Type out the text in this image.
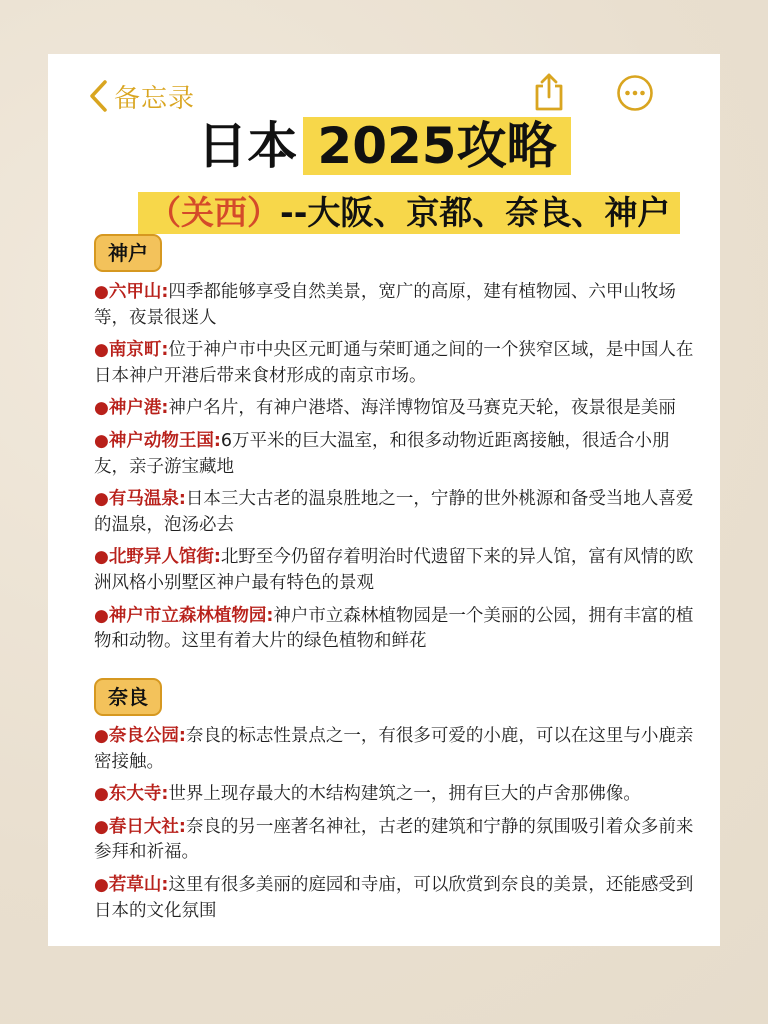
备忘录
日本 2025攻略
（关西）--大阪、京都、奈良、神户
神户
●六甲山:四季都能够享受自然美景，宽广的高原，建有植物园、六甲山牧场等，夜景很迷人
●南京町:位于神户市中央区元町通与荣町通之间的一个狭窄区域，是中国人在日本神户开港后带来食材形成的南京市场。
●神户港:神户名片，有神户港塔、海洋博物馆及马赛克天轮，夜景很是美丽
●神户动物王国:6万平米的巨大温室，和很多动物近距离接触，很适合小朋友，亲子游宝藏地
●有马温泉:日本三大古老的温泉胜地之一，宁静的世外桃源和备受当地人喜爱的温泉，泡汤必去
●北野异人馆街:北野至今仍留存着明治时代遗留下来的异人馆，富有风情的欧洲风格小别墅区神户最有特色的景观
●神户市立森林植物园:神户市立森林植物园是一个美丽的公园，拥有丰富的植物和动物。这里有着大片的绿色植物和鲜花
奈良
●奈良公园:奈良的标志性景点之一，有很多可爱的小鹿，可以在这里与小鹿亲密接触。
●东大寺:世界上现存最大的木结构建筑之一，拥有巨大的卢舍那佛像。
●春日大社:奈良的另一座著名神社，古老的建筑和宁静的氛围吸引着众多前来参拜和祈福。
●若草山:这里有很多美丽的庭园和寺庙，可以欣赏到奈良的美景，还能感受到日本的文化氛围
